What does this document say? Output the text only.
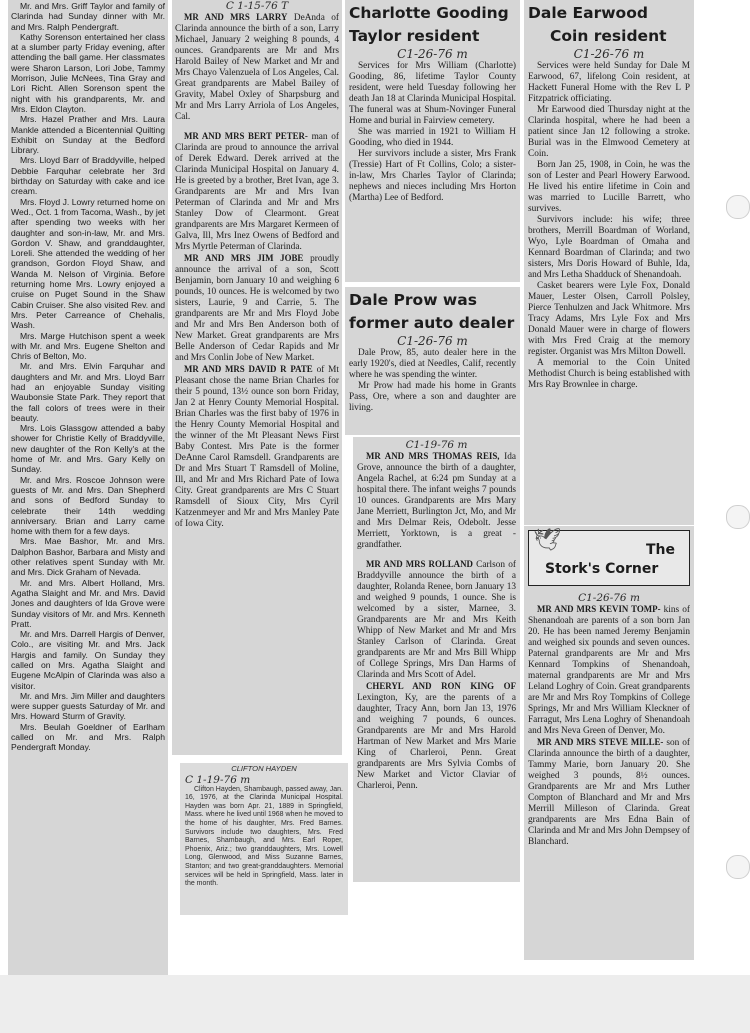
Mr. and Mrs. Griff Taylor and family of Clarinda had Sunday dinner with Mr. and Mrs. Ralph Pendergraft.

Kathy Sorenson entertained her class at a slumber party Friday evening, after attending the ball game. Her classmates were Sharon Larson, Lori Jobe, Tammy Morrison, Julie McNees, Tina Gray and Lori Richt. Allen Sorenson spent the night with his grandparents, Mr. and Mrs. Eldon Clayton.

Mrs. Hazel Prather and Mrs. Laura Mankle attended a Bicentennial Quilting Exhibit on Sunday at the Bedford Library.

Mrs. Lloyd Barr of Braddyville, helped Debbie Farquhar celebrate her 3rd birthday on Saturday with cake and ice cream.

Mrs. Floyd J. Lowry returned home on Wed., Oct. 1 from Tacoma, Wash., by jet after spending two weeks with her daughter and son-in-law, Mr. and Mrs. Gordon V. Shaw, and granddaughter, Loreli. She attended the wedding of her grandson, Gordon Floyd Shaw, and Wanda M. Nelson of Virginia. Before returning home Mrs. Lowry enjoyed a cruise on Puget Sound in the Shaw Cabin Cruiser. She also visited Rev. and Mrs. Peter Carreance of Chehalis, Wash.

Mrs. Marge Hutchison spent a week with Mr. and Mrs. Eugene Shelton and Chris of Belton, Mo.

Mr. and Mrs. Elvin Farquhar and daughters and Mr. and Mrs. Lloyd Barr had an enjoyable Sunday visiting Waubonsie State Park. They report that the fall colors of trees were in their beauty.

Mrs. Lois Glassgow attended a baby shower for Christie Kelly of Braddyville, new daughter of the Ron Kelly's at the home of Mr. and Mrs. Gary Kelly on Sunday.

Mr. and Mrs. Roscoe Johnson were guests of Mr. and Mrs. Dan Shepherd and sons of Bedford Sunday to celebrate their 14th wedding anniversary. Brian and Larry came home with them for a few days.

Mrs. Mae Bashor, Mr. and Mrs. Dalphon Bashor, Barbara and Misty and other relatives spent Sunday with Mr. and Mrs. Dick Graham of Nevada.

Mr. and Mrs. Albert Holland, Mrs. Agatha Slaight and Mr. and Mrs. David Jones and daughters of Ida Grove were Sunday visitors of Mr. and Mrs. Kenneth Pratt.

Mr. and Mrs. Darrell Hargis of Denver, Colo., are visiting Mr. and Mrs. Jack Hargis and family. On Sunday they called on Mrs. Agatha Slaight and Eugene McAlpin of Clarinda was also a visitor.

Mr. and Mrs. Jim Miller and daughters were supper guests Saturday of Mr. and Mrs. Howard Sturm of Gravity.

Mrs. Beulah Goeldner of Earlham called on Mr. and Mrs. Ralph Pendergraft Monday.

C 1-15-76 T

MR AND MRS LARRY DeAnda of Clarinda announce the birth of a son, Larry Michael, January 2 weighing 8 pounds, 4 ounces. Grandparents are Mr and Mrs Harold Bailey of New Market and Mr and Mrs Chayo Valenzuela of Los Angeles, Cal. Great grandparents are Mabel Bailey of Gravity, Mabel Oxley of Sharpsburg and Mr and Mrs Larry Arriola of Los Angeles, Cal.

MR AND MRS BERT PETER- man of Clarinda are proud to announce the arrival of Derek Edward. Derek arrived at the Clarinda Municipal Hospital on January 4. He is greeted by a brother, Bret Ivan, age 3. Grandparents are Mr and Mrs Ivan Peterman of Clarinda and Mr and Mrs Stanley Dow of Clearmont. Great grandparents are Mrs Margaret Kermeen of Galva, Ill, Mrs Inez Owens of Bedford and Mrs Myrtle Peterman of Clarinda.

MR AND MRS JIM JOBE proudly announce the arrival of a son, Scott Benjamin, born January 10 and weighing 6 pounds, 10 ounces. He is welcomed by two sisters, Laurie, 9 and Carrie, 5. The grandparents are Mr and Mrs Floyd Jobe and Mr and Mrs Ben Anderson both of New Market. Great grandparents are Mrs Belle Anderson of Cedar Rapids and Mr and Mrs Conlin Jobe of New Market.

MR AND MRS DAVID R PATE of Mt Pleasant chose the name Brian Charles for their 5 pound, 13½ ounce son born Friday, Jan 2 at Henry County Memorial Hospital. Brian Charles was the first baby of 1976 in the Henry County Memorial Hospital and the winner of the Mt Pleasant News First Baby Contest. Mrs Pate is the former DeAnne Carol Ramsdell. Grandparents are Dr and Mrs Stuart T Ramsdell of Moline, Ill, and Mr and Mrs Richard Pate of Iowa City. Great grandparents are Mrs C Stuart Ramsdell of Sioux City, Mrs Cyril Katzenmeyer and Mr and Mrs Manley Pate of Iowa City.

CLIFTON HAYDEN

C 1-19-76 m

Clifton Hayden, Shambaugh, passed away, Jan. 16, 1976, at the Clarinda Municipal Hospital. Hayden was born Apr. 21, 1889 in Springfield, Mass. where he lived until 1968 when he moved to the home of his daughter, Mrs. Fred Barnes. Survivors include two daughters, Mrs. Fred Barnes, Shambaugh, and Mrs. Earl Roper, Phoenix, Ariz.; two granddaughters, Mrs. Lowell Long, Glenwood, and Miss Suzanne Barnes, Stanton; and two great-granddaughters. Memorial services will be held in Springfield, Mass. later in the month.

Charlotte Gooding

Taylor resident

C1-26-76 m

Services for Mrs William (Charlotte) Gooding, 86, lifetime Taylor County resident, were held Tuesday following her death Jan 18 at Clarinda Municipal Hospital. The funeral was at Shum-Novinger Funeral Home and burial in Fairview cemetery.

She was married in 1921 to William H Gooding, who died in 1944.

Her survivors include a sister, Mrs Frank (Tressie) Hart of Ft Collins, Colo; a sister-in-law, Mrs Charles Taylor of Clarinda; nephews and nieces including Mrs Horton (Martha) Lee of Bedford.

Dale Prow was

former auto dealer

C1-26-76 m

Dale Prow, 85, auto dealer here in the early 1920's, died at Needles, Calif, recently where he was spending the winter.

Mr Prow had made his home in Grants Pass, Ore, where a son and daughter are living.

C1-19-76 m

MR AND MRS THOMAS REIS, Ida Grove, announce the birth of a daughter, Angela Rachel, at 6:24 pm Sunday at a hospital there. The infant weighs 7 pounds 10 ounces. Grandparents are Mrs Mary Jane Merriett, Burlington Jct, Mo, and Mr and Mrs Delmar Reis, Odebolt. Jesse Merriett, Yorktown, is a great - grandfather.

MR AND MRS ROLLAND Carlson of Braddyville announce the birth of a daughter, Rolanda Renee, born January 13 and weighed 9 pounds, 1 ounce. She is welcomed by a sister, Marnee, 3. Grandparents are Mr and Mrs Keith Whipp of New Market and Mr and Mrs Stanley Carlson of Clarinda. Great grandparents are Mr and Mrs Bill Whipp of College Springs, Mrs Dan Harms of Clarinda and Mrs Scott of Adel.

CHERYL AND RON KING OF Lexington, Ky, are the parents of a daughter, Tracy Ann, born Jan 13, 1976 and weighing 7 pounds, 6 ounces. Grandparents are Mr and Mrs Harold Hartman of New Market and Mrs Marie King of Charleroi, Penn. Great grandparents are Mrs Sylvia Combs of New Market and Victor Claviar of Charleroi, Penn.

Dale Earwood

Coin resident

C1-26-76 m

Services were held Sunday for Dale M Earwood, 67, lifelong Coin resident, at Hackett Funeral Home with the Rev L P Fitzpatrick officiating.

Mr Earwood died Thursday night at the Clarinda hospital, where he had been a patient since Jan 12 following a stroke. Burial was in the Elmwood Cemetery at Coin.

Born Jan 25, 1908, in Coin, he was the son of Lester and Pearl Howery Earwood. He lived his entire lifetime in Coin and was married to Lucille Barrett, who survives.

Survivors include: his wife; three brothers, Merrill Boardman of Worland, Wyo, Lyle Boardman of Omaha and Kennard Boardman of Clarinda; and two sisters, Mrs Doris Howard of Buhle, Ida, and Mrs Letha Shadduck of Shenandoah.

Casket bearers were Lyle Fox, Donald Mauer, Lester Olsen, Carroll Polsley, Pierce Tenhulzen and Jack Whitmore. Mrs Tracy Adams, Mrs Lyle Fox and Mrs Donald Mauer were in charge of flowers with Mrs Fred Craig at the memory register. Organist was Mrs Milton Dowell.

A memorial to the Coin United Methodist Church is being established with Mrs Ray Brownlee in charge.

🕊	The
Stork's Corner

C1-26-76 m

MR AND MRS KEVIN TOMP- kins of Shenandoah are parents of a son born Jan 20. He has been named Jeremy Benjamin and weighed six pounds and seven ounces. Paternal grandparents are Mr and Mrs Kennard Tompkins of Shenandoah, maternal grandparents are Mr and Mrs Leland Loghry of Coin. Great grandparents are Mr and Mrs Roy Tompkins of College Springs, Mr and Mrs William Kleckner of Farragut, Mrs Lena Loghry of Shenandoah and Mrs Neva Green of Denver, Mo.

MR AND MRS STEVE MILLE- son of Clarinda announce the birth of a daughter, Tammy Marie, born January 20. She weighed 3 pounds, 8½ ounces. Grandparents are Mr and Mrs Luther Compton of Blanchard and Mr and Mrs Merrill Milleson of Clarinda. Great grandparents are Mrs Edna Bain of Clarinda and Mr and Mrs John Dempsey of Blanchard.
